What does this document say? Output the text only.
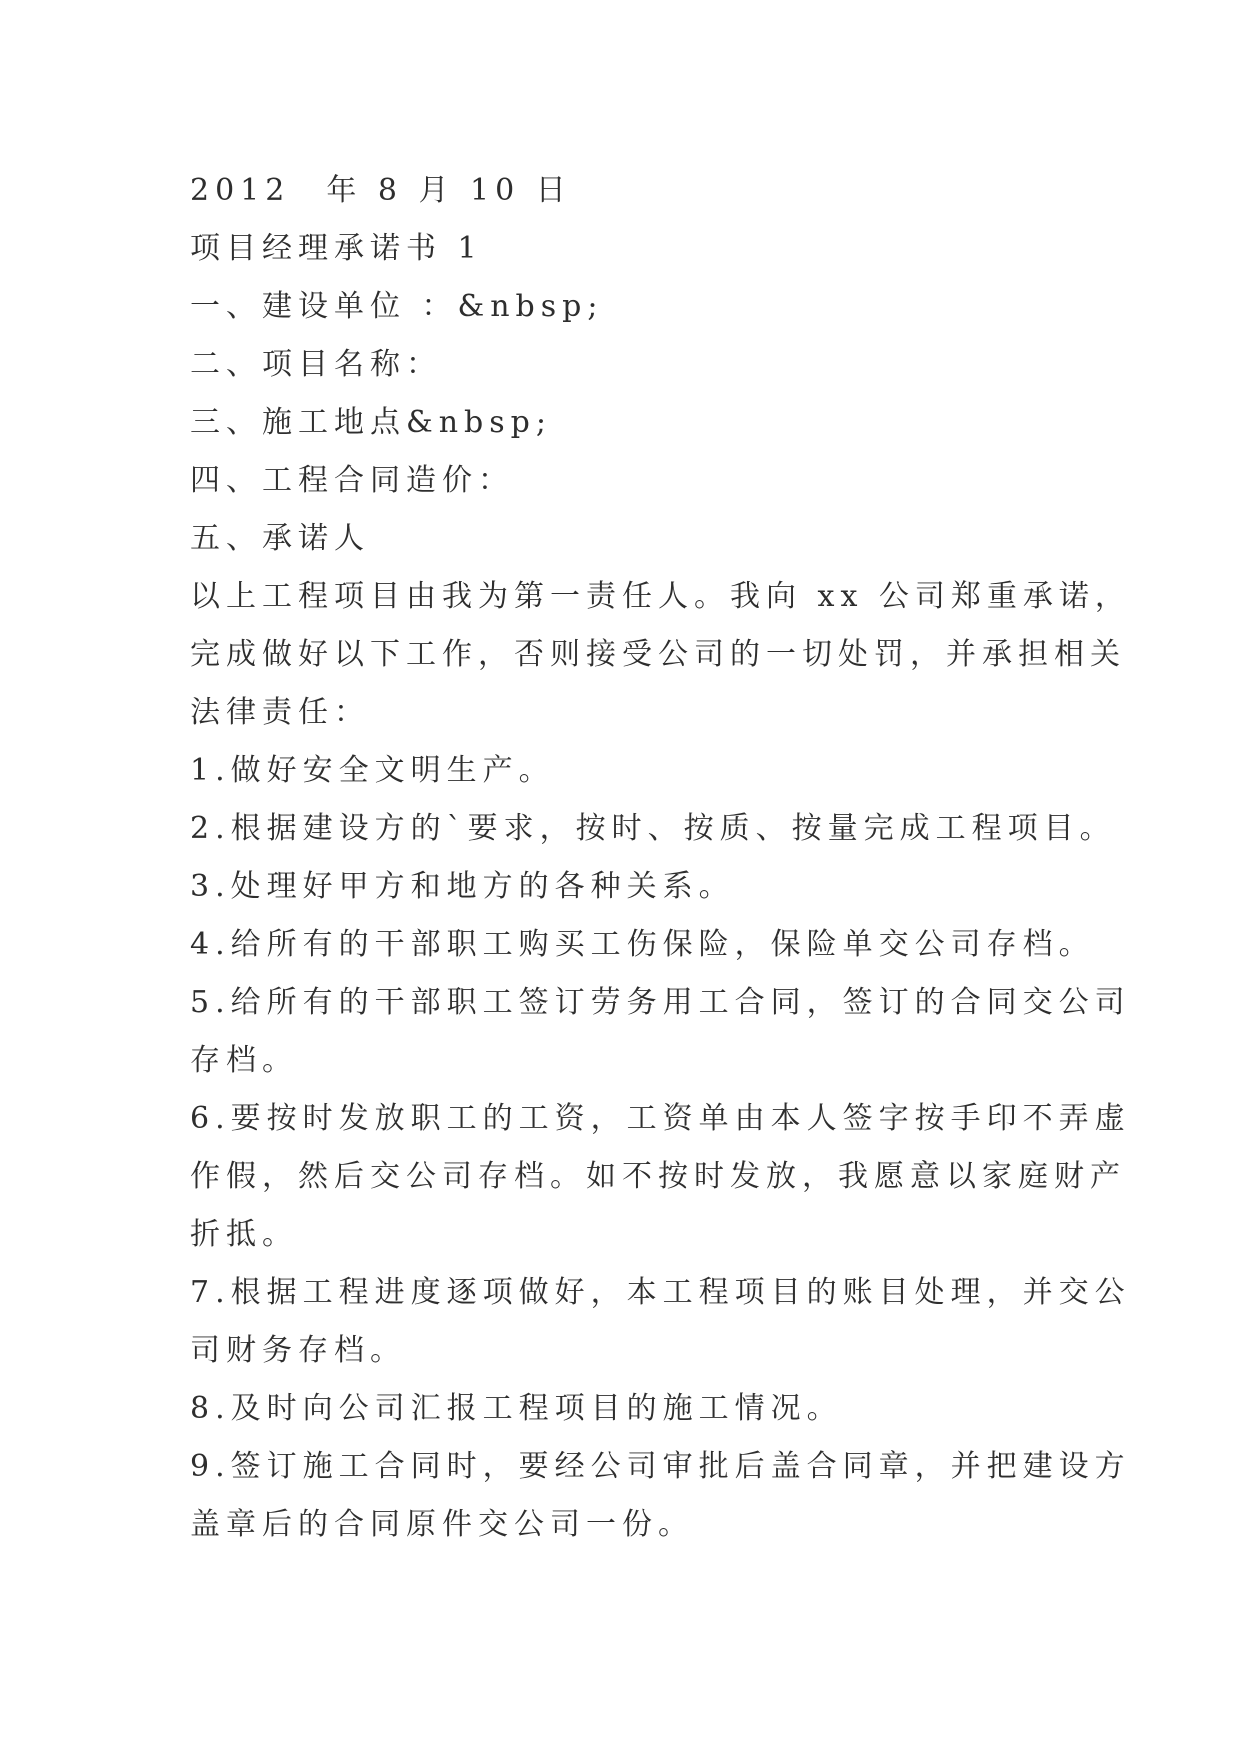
2012　年 8 月 10 日

项目经理承诺书 1

一、建设单位 ：&nbsp;

二、项目名称：

三、施工地点&nbsp;

四、工程合同造价：

五、承诺人

以上工程项目由我为第一责任人。我向 xx 公司郑重承诺，

完成做好以下工作，否则接受公司的一切处罚，并承担相关

法律责任：

1.做好安全文明生产。

2.根据建设方的`要求，按时、按质、按量完成工程项目。

3.处理好甲方和地方的各种关系。

4.给所有的干部职工购买工伤保险，保险单交公司存档。

5.给所有的干部职工签订劳务用工合同，签订的合同交公司

存档。

6.要按时发放职工的工资，工资单由本人签字按手印不弄虚

作假，然后交公司存档。如不按时发放，我愿意以家庭财产

折抵。

7.根据工程进度逐项做好，本工程项目的账目处理，并交公

司财务存档。

8.及时向公司汇报工程项目的施工情况。

9.签订施工合同时，要经公司审批后盖合同章，并把建设方

盖章后的合同原件交公司一份。
